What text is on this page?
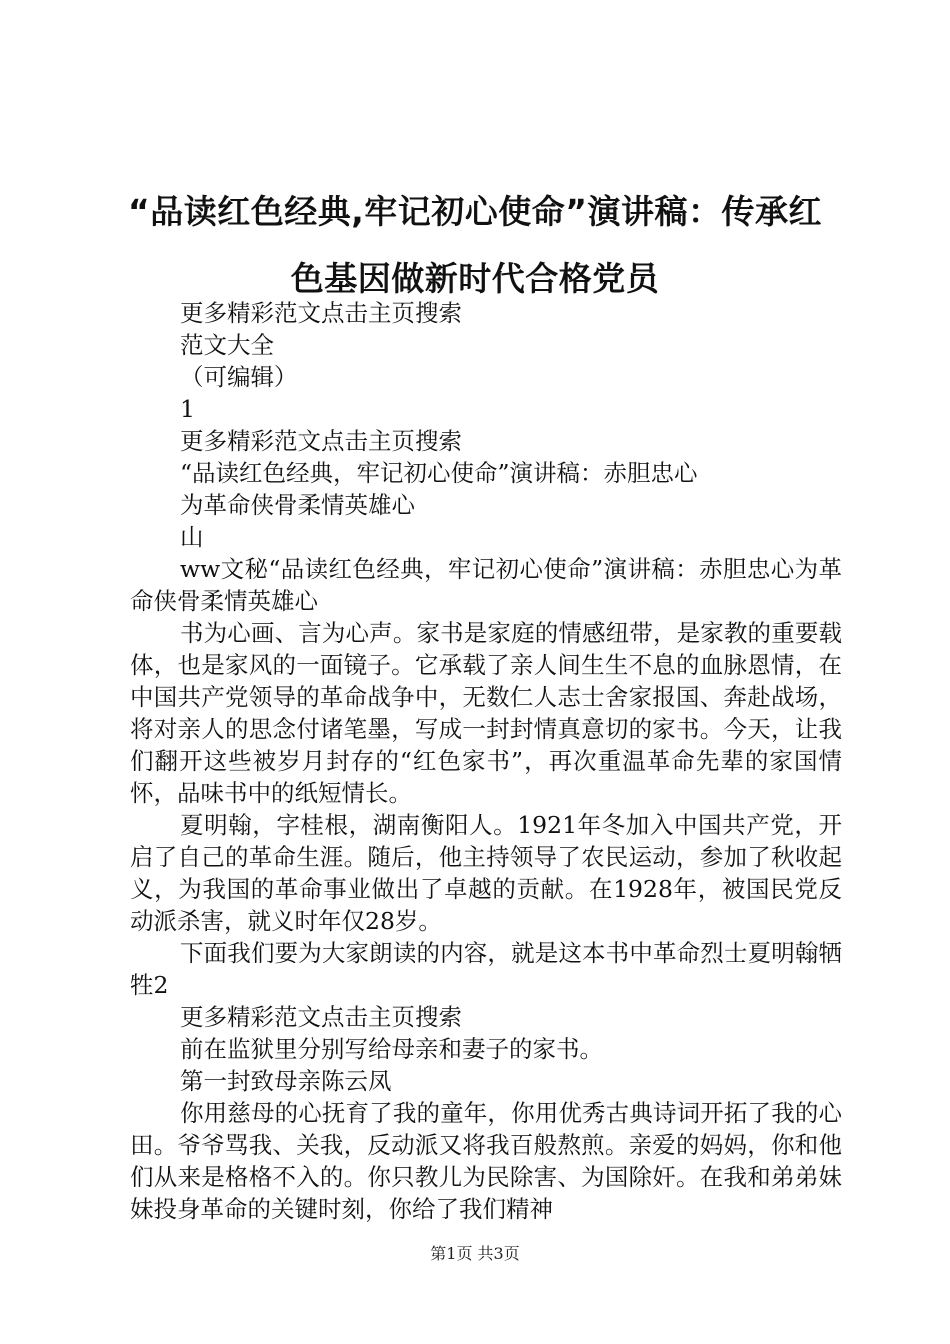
“品读红色经典,牢记初心使命”演讲稿：传承红色基因做新时代合格党员

更多精彩范文点击主页搜索

范文大全

（可编辑）

1

更多精彩范文点击主页搜索

“品读红色经典，牢记初心使命”演讲稿：赤胆忠心

为革命侠骨柔情英雄心

山

ww文秘“品读红色经典，牢记初心使命”演讲稿：赤胆忠心为革命侠骨柔情英雄心

书为心画、言为心声。家书是家庭的情感纽带，是家教的重要载体，也是家风的一面镜子。它承载了亲人间生生不息的血脉恩情，在中国共产党领导的革命战争中，无数仁人志士舍家报国、奔赴战场，将对亲人的思念付诸笔墨，写成一封封情真意切的家书。今天，让我们翻开这些被岁月封存的“红色家书”，再次重温革命先辈的家国情怀，品味书中的纸短情长。

夏明翰，字桂根，湖南衡阳人。1921年冬加入中国共产党，开启了自己的革命生涯。随后，他主持领导了农民运动，参加了秋收起义，为我国的革命事业做出了卓越的贡献。在1928年，被国民党反动派杀害，就义时年仅28岁。

下面我们要为大家朗读的内容，就是这本书中革命烈士夏明翰牺牲2

更多精彩范文点击主页搜索

前在监狱里分别写给母亲和妻子的家书。

第一封致母亲陈云凤

你用慈母的心抚育了我的童年，你用优秀古典诗词开拓了我的心田。爷爷骂我、关我，反动派又将我百般熬煎。亲爱的妈妈，你和他们从来是格格不入的。你只教儿为民除害、为国除奸。在我和弟弟妹妹投身革命的关键时刻，你给了我们精神

第1页 共3页
